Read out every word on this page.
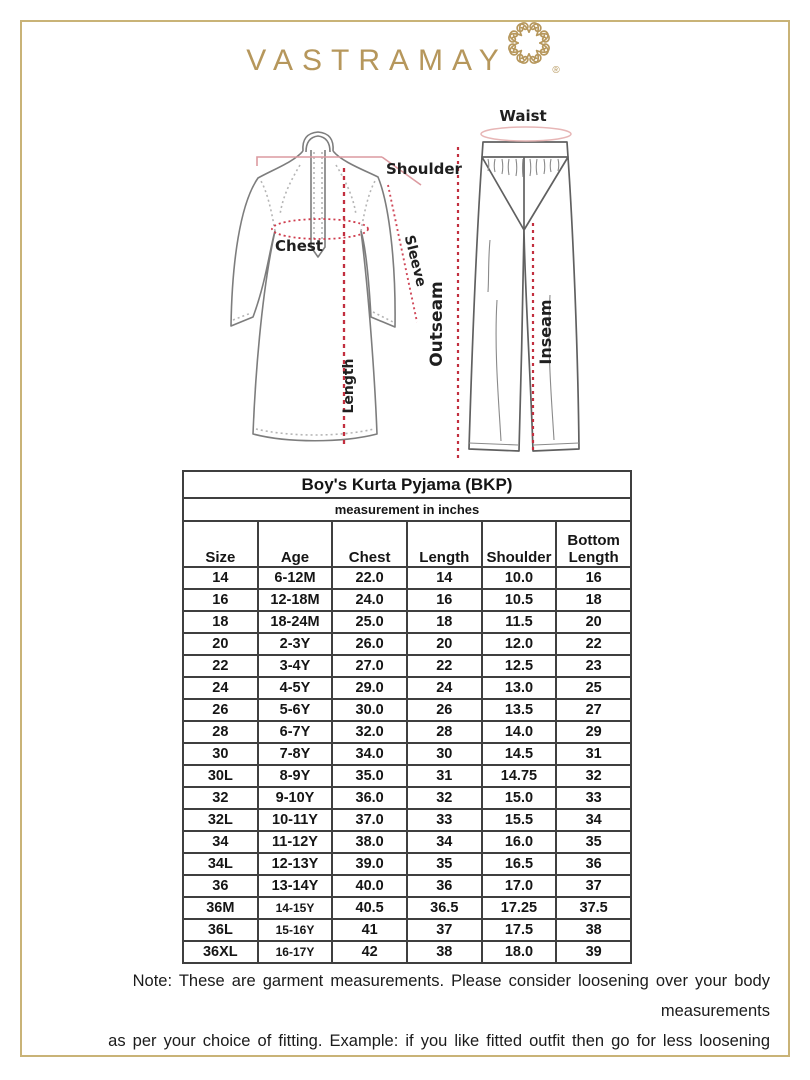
VASTRAMAY	®
Shoulder
Chest	Sleeve
Length
Outseam	Inseam
Waist
Boy's Kurta Pyjama (BKP)					
measurement in inches					
Size	Age	Chest	Length	Shoulder	Bottom Length
14	6-12M	22.0	14	10.0	16
16	12-18M	24.0	16	10.5	18
18	18-24M	25.0	18	11.5	20
20	2-3Y	26.0	20	12.0	22
22	3-4Y	27.0	22	12.5	23
24	4-5Y	29.0	24	13.0	25
26	5-6Y	30.0	26	13.5	27
28	6-7Y	32.0	28	14.0	29
30	7-8Y	34.0	30	14.5	31
30L	8-9Y	35.0	31	14.75	32
32	9-10Y	36.0	32	15.0	33
32L	10-11Y	37.0	33	15.5	34
34	11-12Y	38.0	34	16.0	35
34L	12-13Y	39.0	35	16.5	36
36	13-14Y	40.0	36	17.0	37
36M	14-15Y	40.5	36.5	17.25	37.5
36L	15-16Y	41	37	17.5	38
36XL	16-17Y	42	38	18.0	39
Note: These are garment measurements. Please consider loosening over your body measurements
as per your choice of fitting. Example: if you like fitted outfit then go for less loosening
